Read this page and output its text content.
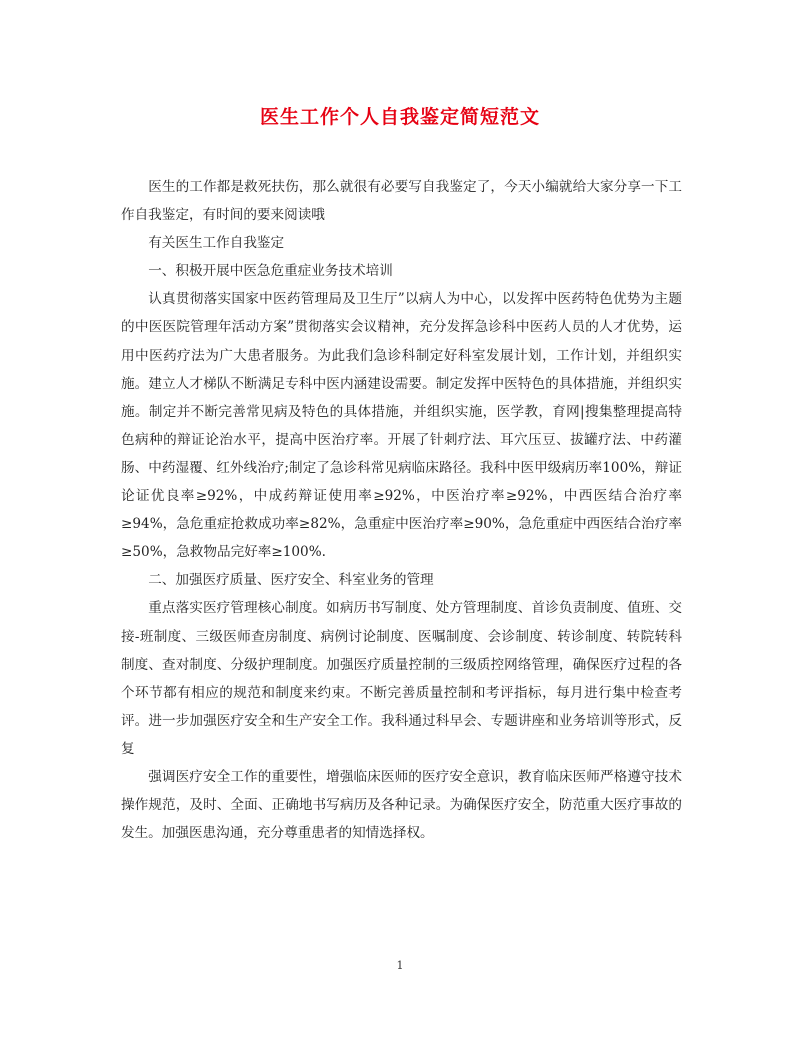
医生工作个人自我鉴定简短范文

医生的工作都是救死扶伤，那么就很有必要写自我鉴定了，今天小编就给大家分享一下工作自我鉴定，有时间的要来阅读哦

有关医生工作自我鉴定

一、积极开展中医急危重症业务技术培训

认真贯彻落实国家中医药管理局及卫生厅”以病人为中心，以发挥中医药特色优势为主题的中医医院管理年活动方案”贯彻落实会议精神，充分发挥急诊科中医药人员的人才优势，运用中医药疗法为广大患者服务。为此我们急诊科制定好科室发展计划，工作计划，并组织实施。建立人才梯队不断满足专科中医内涵建设需要。制定发挥中医特色的具体措施，并组织实施。制定并不断完善常见病及特色的具体措施，并组织实施，医学教，育网|搜集整理提高特色病种的辩证论治水平，提高中医治疗率。开展了针刺疗法、耳穴压豆、拔罐疗法、中药灌肠、中药湿覆、红外线治疗;制定了急诊科常见病临床路径。我科中医甲级病历率100%，辩证论证优良率≥92%，中成药辩证使用率≥92%，中医治疗率≥92%，中西医结合治疗率≥94%，急危重症抢救成功率≥82%，急重症中医治疗率≥90%，急危重症中西医结合治疗率≥50%，急救物品完好率≥100%.

二、加强医疗质量、医疗安全、科室业务的管理

重点落实医疗管理核心制度。如病历书写制度、处方管理制度、首诊负责制度、值班、交接-班制度、三级医师查房制度、病例讨论制度、医嘱制度、会诊制度、转诊制度、转院转科制度、查对制度、分级护理制度。加强医疗质量控制的三级质控网络管理，确保医疗过程的各个环节都有相应的规范和制度来约束。不断完善质量控制和考评指标，每月进行集中检查考评。进一步加强医疗安全和生产安全工作。我科通过科早会、专题讲座和业务培训等形式，反复

强调医疗安全工作的重要性，增强临床医师的医疗安全意识，教育临床医师严格遵守技术操作规范，及时、全面、正确地书写病历及各种记录。为确保医疗安全，防范重大医疗事故的发生。加强医患沟通，充分尊重患者的知情选择权。

1
